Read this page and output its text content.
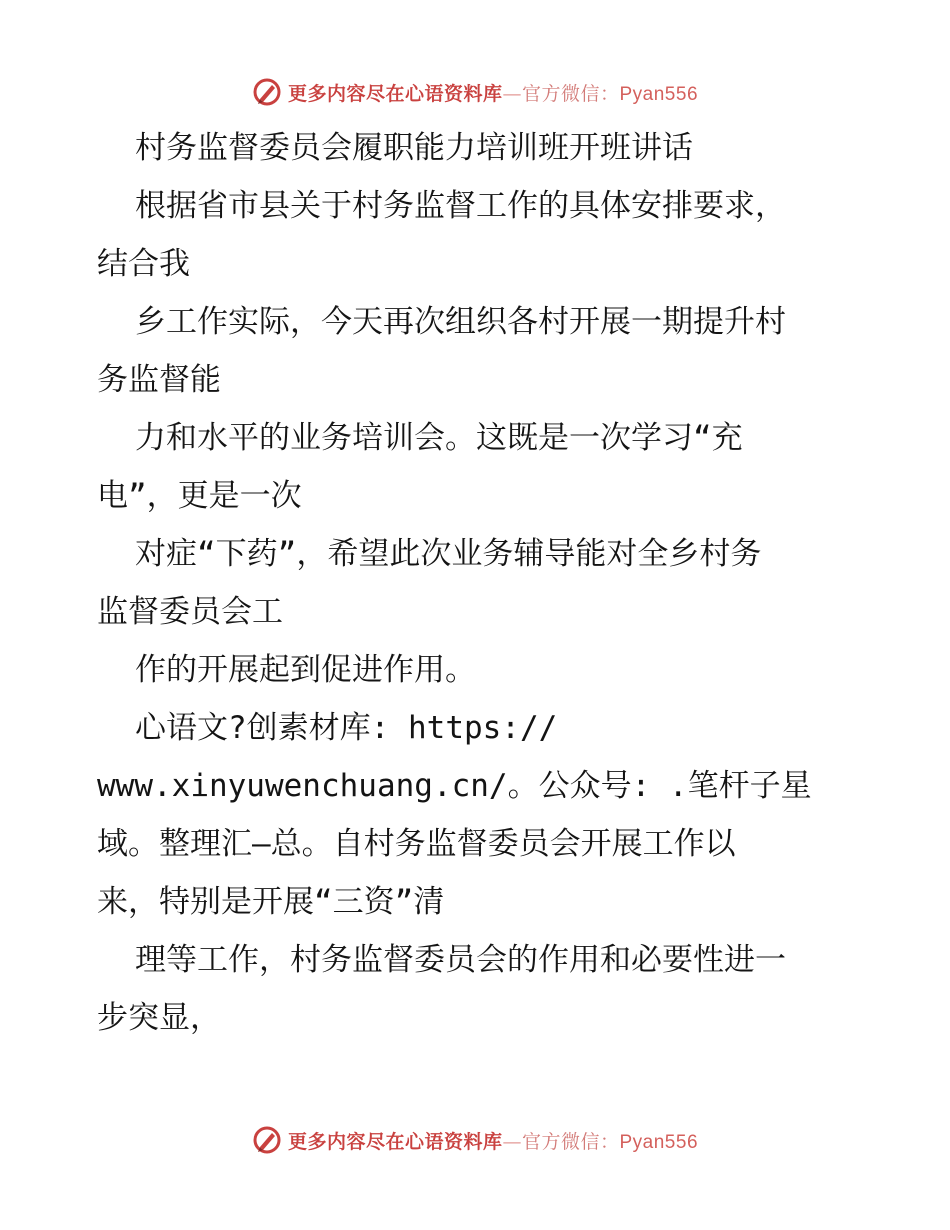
更多内容尽在心语资料库—官方微信：Pyan556
村务监督委员会履职能力培训班开班讲话
根据省市县关于村务监督工作的具体安排要求，
结合我
乡工作实际，今天再次组织各村开展一期提升村
务监督能
力和水平的业务培训会。这既是一次学习“充
电”，更是一次
对症“下药”，希望此次业务辅导能对全乡村务
监督委员会工
作的开展起到促进作用。
心语文?创素材库: https://
www.xinyuwenchuang.cn/。公众号: .笔杆子星
域。整理汇—总。自村务监督委员会开展工作以
来，特别是开展“三资”清
理等工作，村务监督委员会的作用和必要性进一
步突显，
更多内容尽在心语资料库—官方微信：Pyan556
